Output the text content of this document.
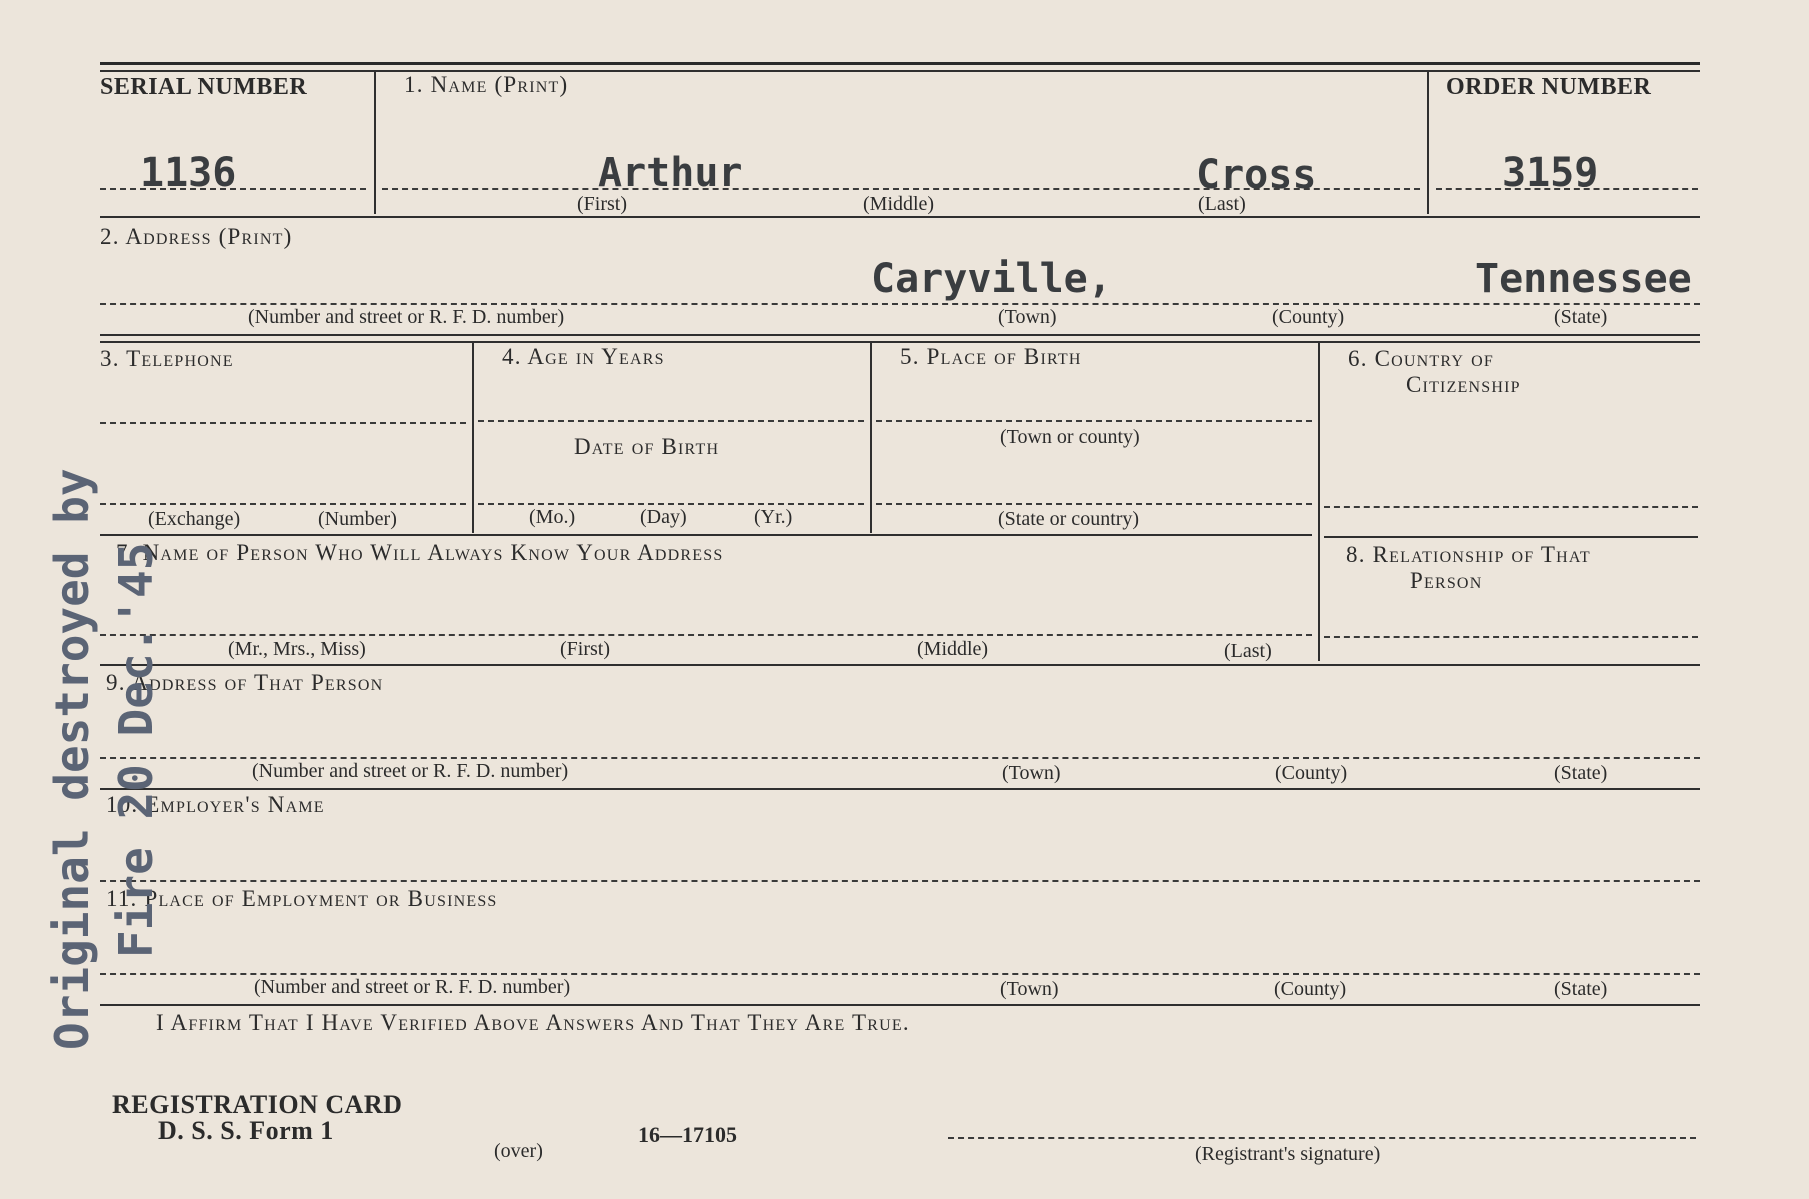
SERIAL NUMBER	1. Name (Print)	ORDER NUMBER
1136	Arthur	Cross	3159
(First)	(Middle)	(Last)
2. Address (Print)
Caryville,	Tennessee
(Number and street or R. F. D. number)	(Town)	(County)	(State)
3. Telephone	4. Age in Years	5. Place of Birth	6. Country of
Citizenship
Date of Birth	(Town or county)
(Exchange)	(Number)	(Mo.)	(Day)	(Yr.)	(State or country)
7. Name of Person Who Will Always Know Your Address	8. Relationship of That
Person
(Mr., Mrs., Miss)	(First)	(Middle)	(Last)
9. Address of That Person
(Number and street or R. F. D. number)	(Town)	(County)	(State)
10. Employer's Name
11. Place of Employment or Business
(Number and street or R. F. D. number)	(Town)	(County)	(State)
I Affirm That I Have Verified Above Answers And That They Are True.
REGISTRATION CARD
D. S. S. Form 1
(over)
16—17105
(Registrant's signature)
Original destroyed by Fire 20 Dec.'45
